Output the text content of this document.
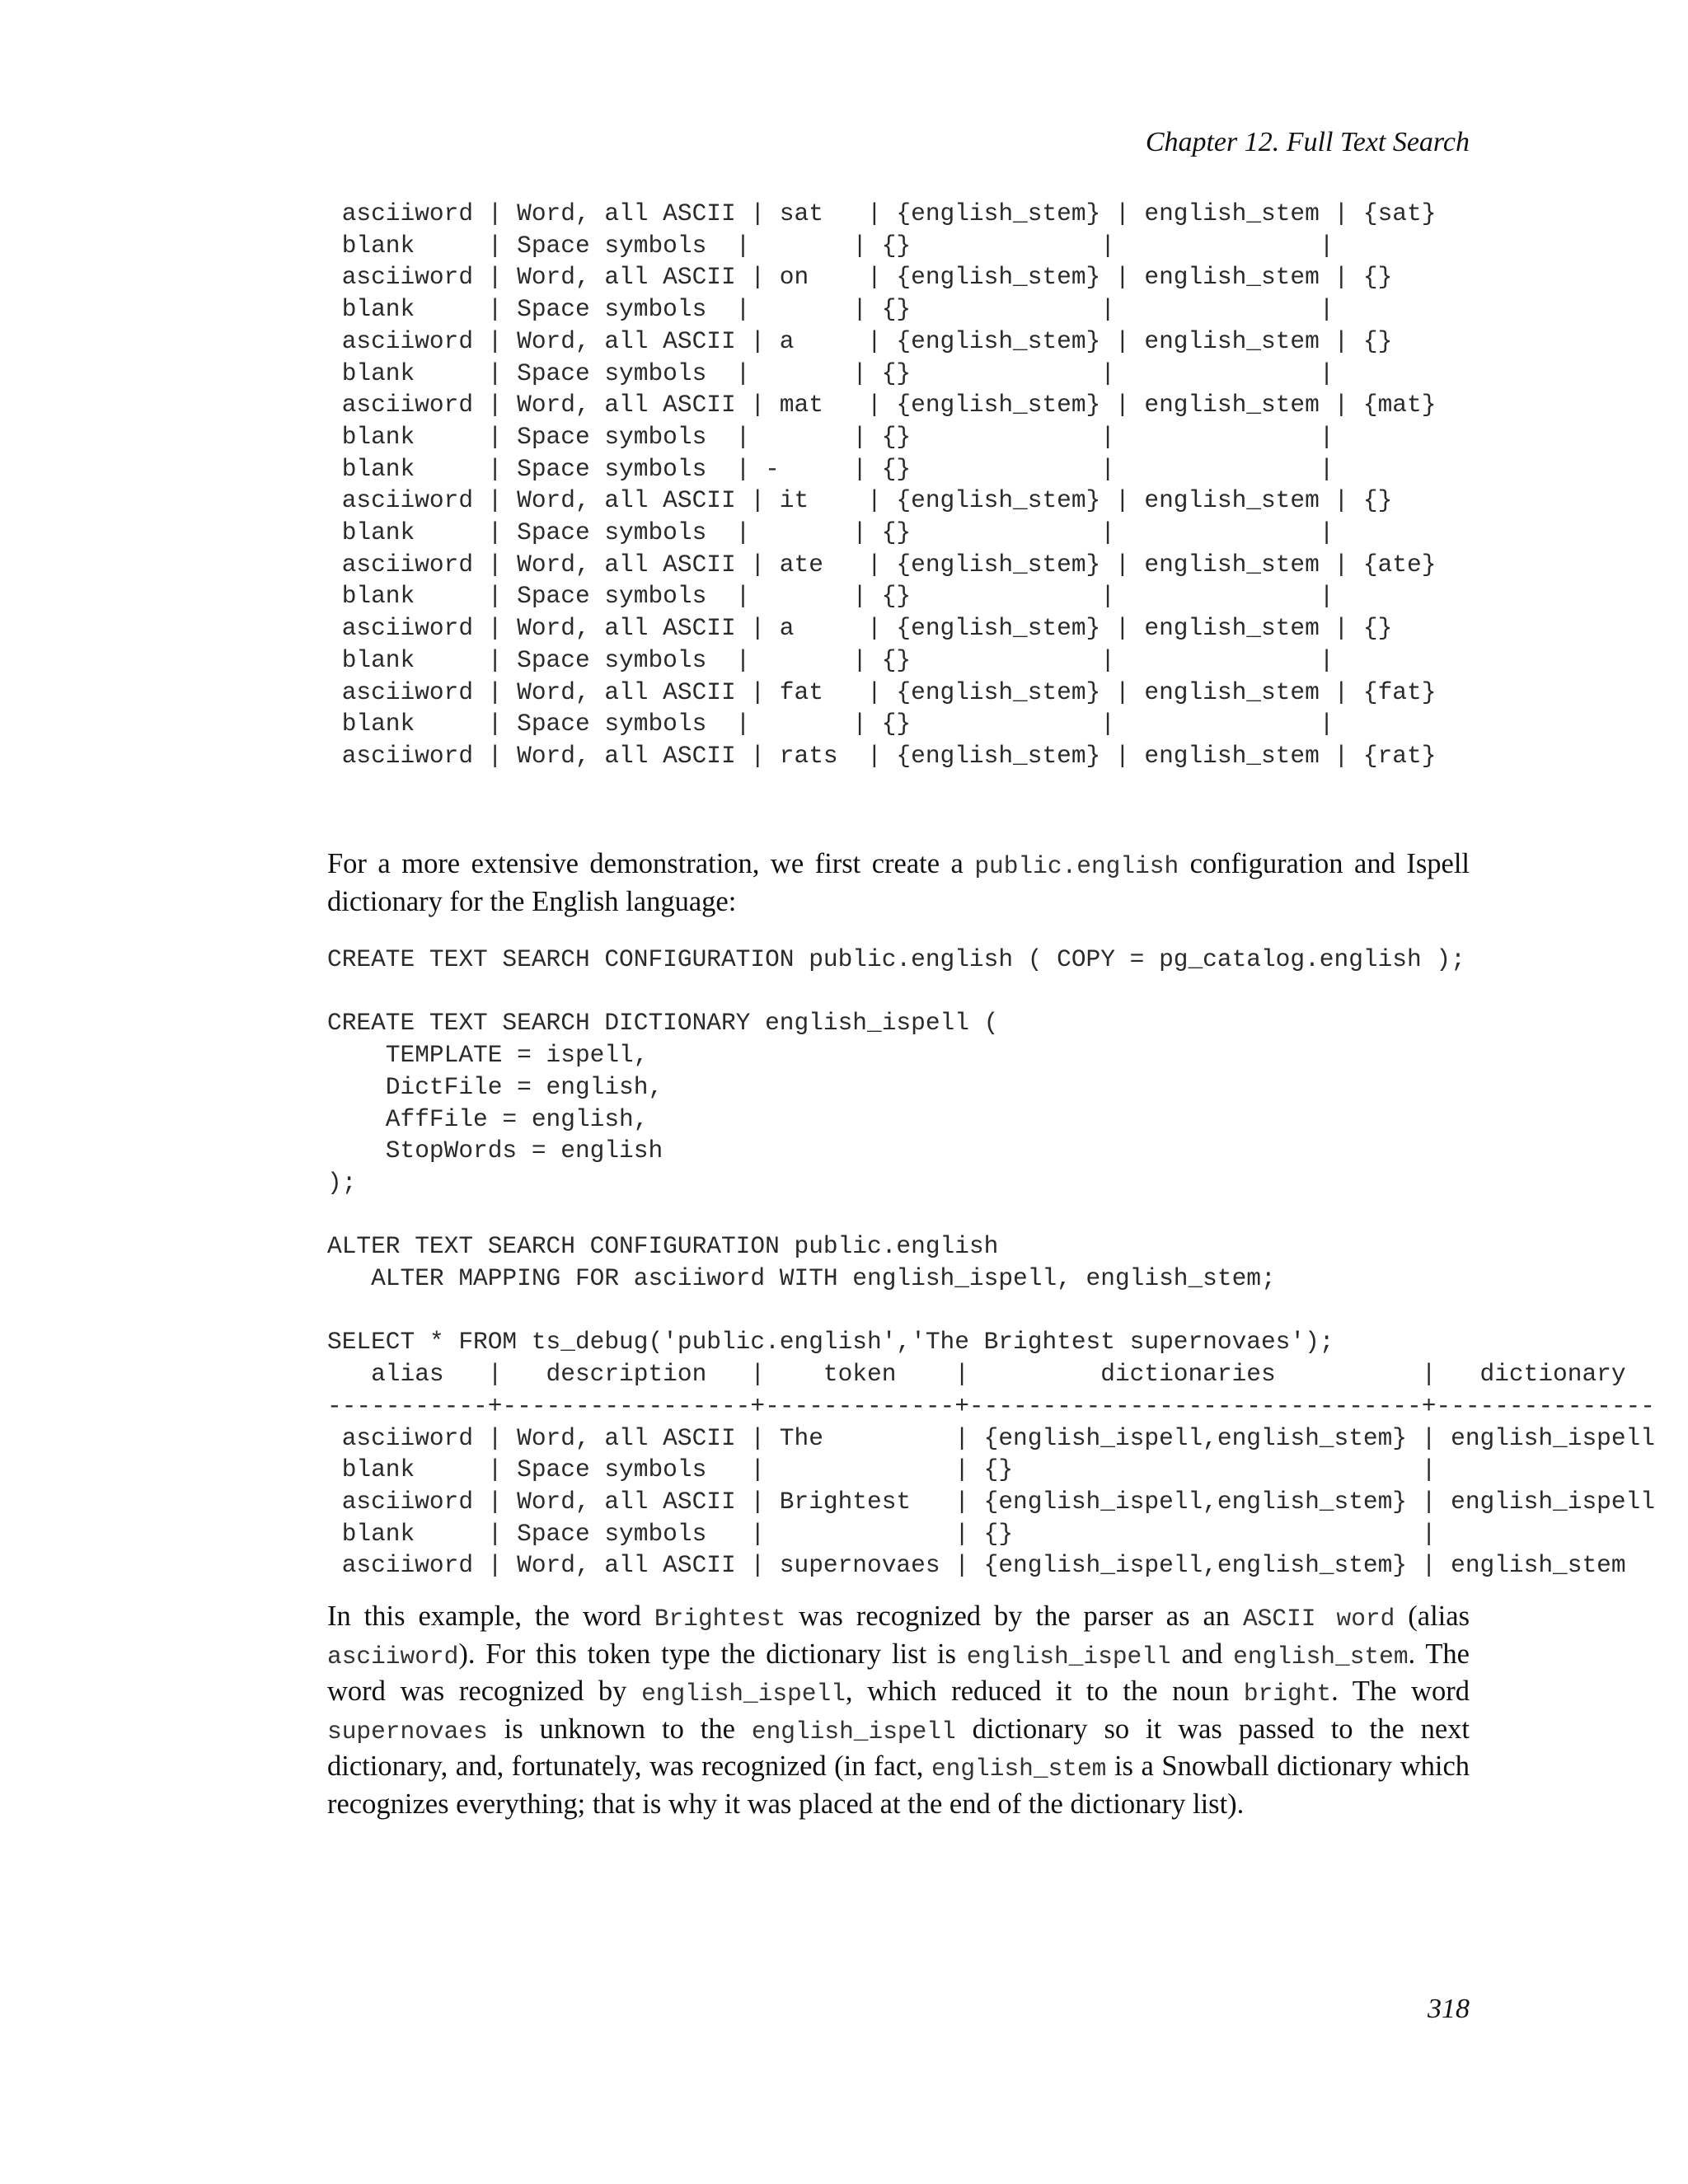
Chapter 12. Full Text Search
asciiword | Word, all ASCII | sat   | {english_stem} | english_stem | {sat}
blank     | Space symbols  |       | {}             |              |
asciiword | Word, all ASCII | on    | {english_stem} | english_stem | {}
blank     | Space symbols  |       | {}             |              |
asciiword | Word, all ASCII | a     | {english_stem} | english_stem | {}
blank     | Space symbols  |       | {}             |              |
asciiword | Word, all ASCII | mat   | {english_stem} | english_stem | {mat}
blank     | Space symbols  |       | {}             |              |
blank     | Space symbols  | -     | {}             |              |
asciiword | Word, all ASCII | it    | {english_stem} | english_stem | {}
blank     | Space symbols  |       | {}             |              |
asciiword | Word, all ASCII | ate   | {english_stem} | english_stem | {ate}
blank     | Space symbols  |       | {}             |              |
asciiword | Word, all ASCII | a     | {english_stem} | english_stem | {}
blank     | Space symbols  |       | {}             |              |
asciiword | Word, all ASCII | fat   | {english_stem} | english_stem | {fat}
blank     | Space symbols  |       | {}             |              |
asciiword | Word, all ASCII | rats  | {english_stem} | english_stem | {rat}

For a more extensive demonstration, we first create a public.english configuration and Ispell dictionary for the English language:

CREATE TEXT SEARCH CONFIGURATION public.english ( COPY = pg_catalog.english );

CREATE TEXT SEARCH DICTIONARY english_ispell (
TEMPLATE = ispell,
DictFile = english,
AffFile = english,
StopWords = english
);

ALTER TEXT SEARCH CONFIGURATION public.english
ALTER MAPPING FOR asciiword WITH english_ispell, english_stem;

SELECT * FROM ts_debug('public.english','The Brightest supernovaes');
alias   |   description   |    token    |         dictionaries          |   dictionary
-----------+-----------------+-------------+-------------------------------+---------------
asciiword | Word, all ASCII | The         | {english_ispell,english_stem} | english_ispell
blank     | Space symbols   |             | {}                            |
asciiword | Word, all ASCII | Brightest   | {english_ispell,english_stem} | english_ispell
blank     | Space symbols   |             | {}                            |
asciiword | Word, all ASCII | supernovaes | {english_ispell,english_stem} | english_stem

In this example, the word Brightest was recognized by the parser as an ASCII word (alias asciiword). For this token type the dictionary list is english_ispell and english_stem. The word was recognized by english_ispell, which reduced it to the noun bright. The word supernovaes is unknown to the english_ispell dictionary so it was passed to the next dictionary, and, fortunately, was recognized (in fact, english_stem is a Snowball dictionary which recognizes everything; that is why it was placed at the end of the dictionary list).

318
